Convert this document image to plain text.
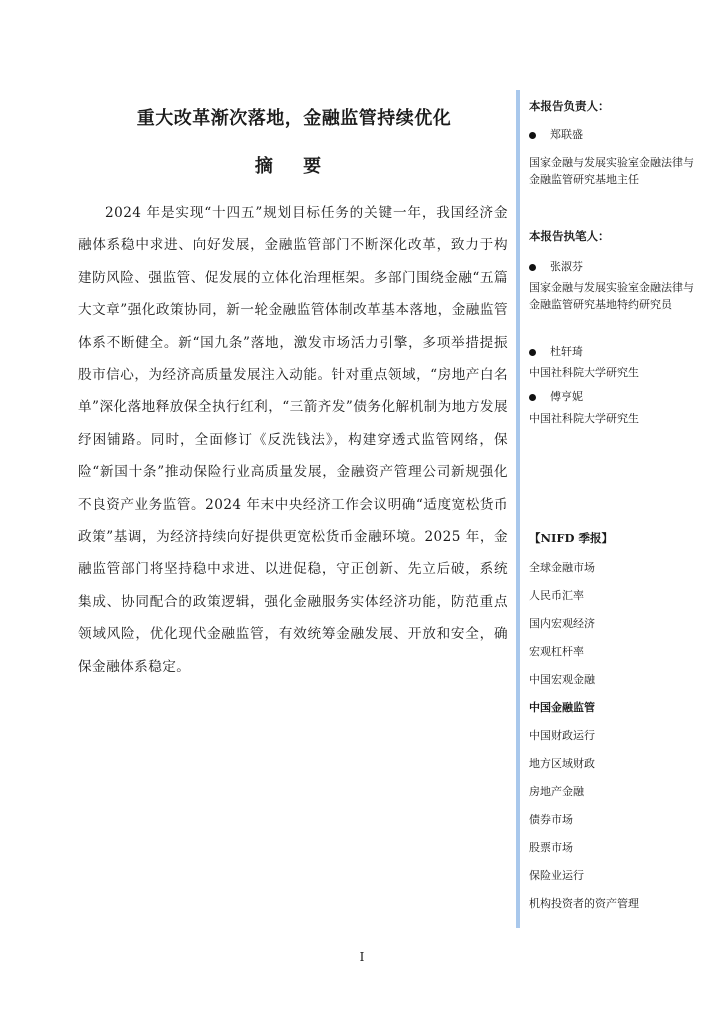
重大改革渐次落地，金融监管持续优化
摘 要

2024 年是实现“十四五”规划目标任务的关键一年，我国经济金融体系稳中求进、向好发展，金融监管部门不断深化改革，致力于构建防风险、强监管、促发展的立体化治理框架。多部门围绕金融“五篇大文章”强化政策协同，新一轮金融监管体制改革基本落地，金融监管体系不断健全。新“国九条”落地，激发市场活力引擎，多项举措提振股市信心，为经济高质量发展注入动能。针对重点领域，“房地产白名单”深化落地释放保全执行红利，“三箭齐发”债务化解机制为地方发展纾困铺路。同时，全面修订《反洗钱法》，构建穿透式监管网络，保险“新国十条”推动保险行业高质量发展，金融资产管理公司新规强化不良资产业务监管。2024 年末中央经济工作会议明确“适度宽松货币政策”基调，为经济持续向好提供更宽松货币金融环境。2025 年，金融监管部门将坚持稳中求进、以进促稳，守正创新、先立后破，系统集成、协同配合的政策逻辑，强化金融服务实体经济功能，防范重点领域风险，优化现代金融监管，有效统筹金融发展、开放和安全，确保金融体系稳定。

本报告负责人：
郑联盛
国家金融与发展实验室金融法律与金融监管研究基地主任
本报告执笔人：
张淑芬
国家金融与发展实验室金融法律与金融监管研究基地特约研究员
杜轩琦
中国社科院大学研究生
傅亨妮
中国社科院大学研究生
【NIFD 季报】
全球金融市场
人民币汇率
国内宏观经济
宏观杠杆率
中国宏观金融
中国金融监管
中国财政运行
地方区域财政
房地产金融
债券市场
股票市场
保险业运行
机构投资者的资产管理
I
